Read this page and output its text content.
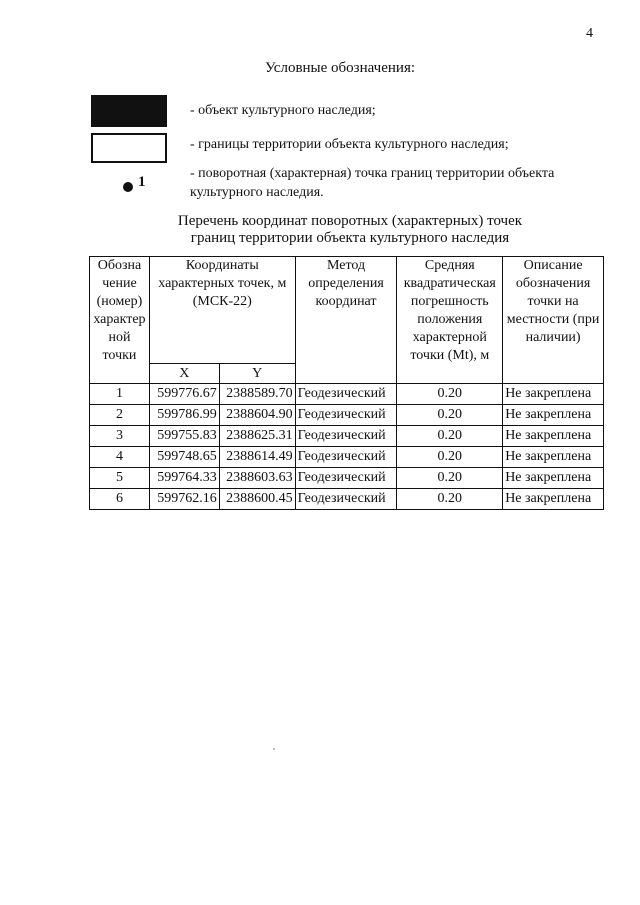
4
Условные обозначения:
- объект культурного наследия;
- границы территории объекта культурного наследия;
1
- поворотная (характерная) точка границ территории объекта культурного наследия.
Перечень координат поворотных (характерных) точек
границ территории объекта культурного наследия
Обозна чение (номер) характер ной точки	Координаты характерных точек, м (МСК-22)		Метод определения координат	Средняя квадратическая погрешность положения характерной точки (Mt), м	Описание обозначения точки на местности (при наличии)
	X	Y			
1	599776.67	2388589.70	Геодезический	0.20	Не закреплена
2	599786.99	2388604.90	Геодезический	0.20	Не закреплена
3	599755.83	2388625.31	Геодезический	0.20	Не закреплена
4	599748.65	2388614.49	Геодезический	0.20	Не закреплена
5	599764.33	2388603.63	Геодезический	0.20	Не закреплена
6	599762.16	2388600.45	Геодезический	0.20	Не закреплена
